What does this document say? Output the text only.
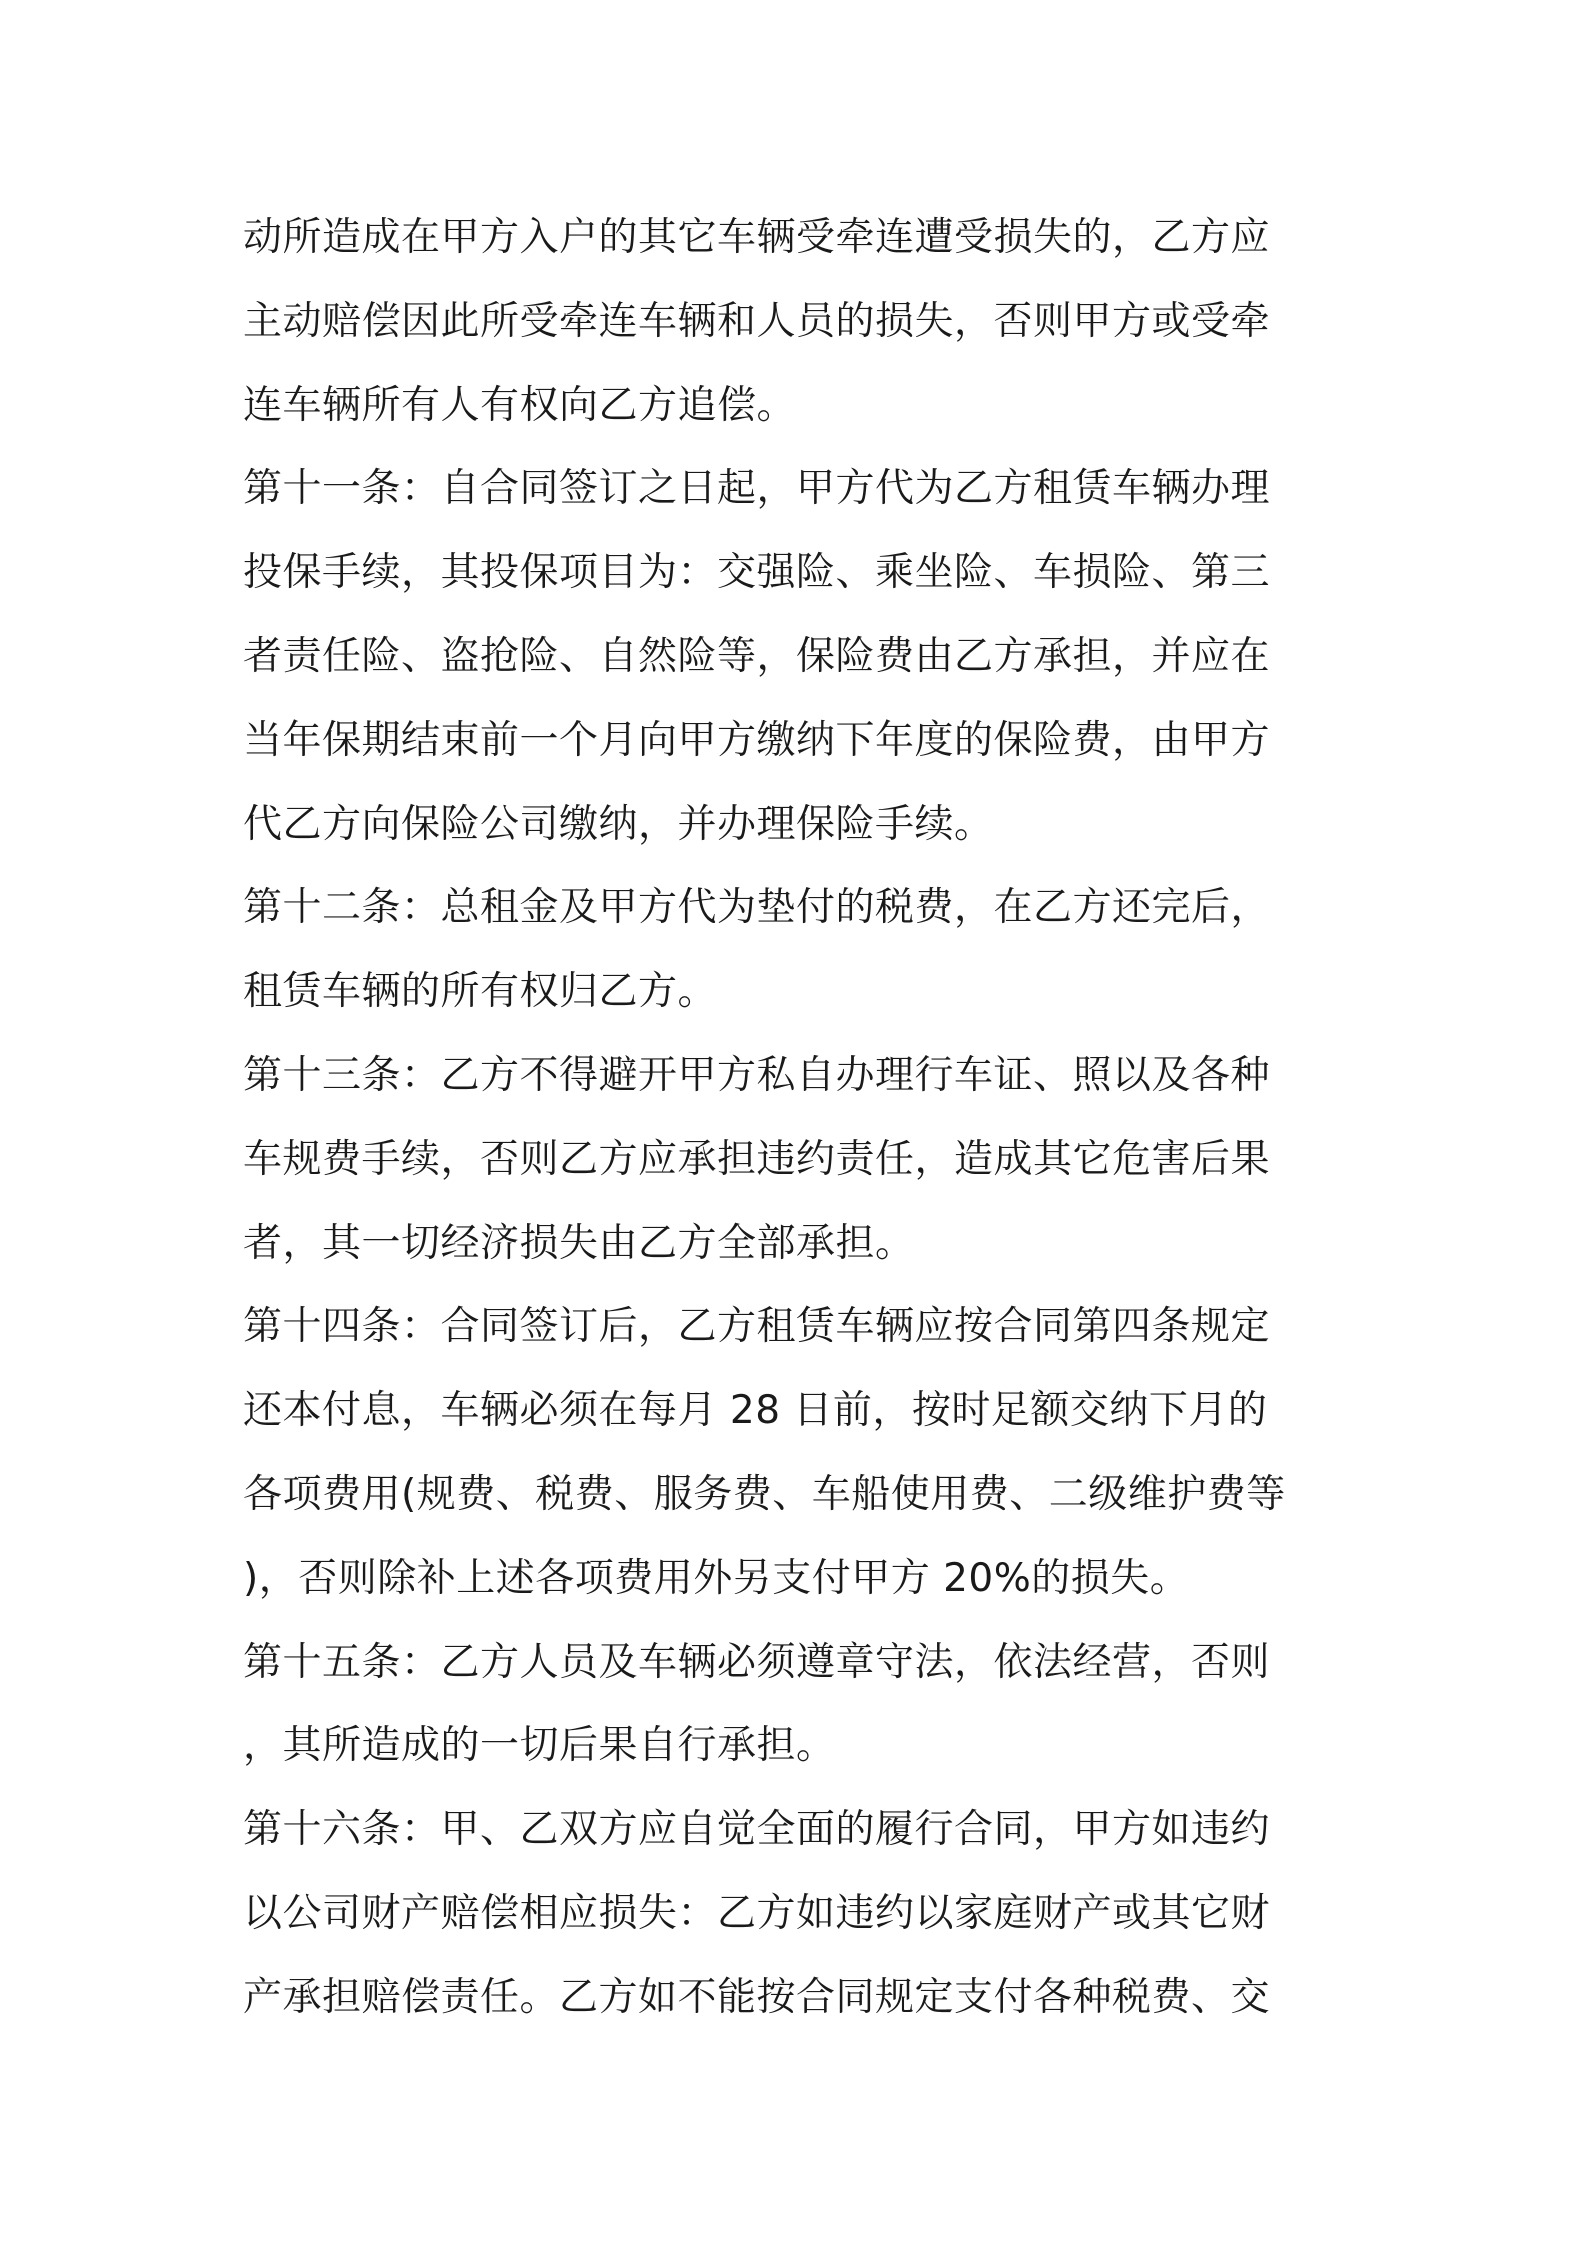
动所造成在甲方入户的其它车辆受牵连遭受损失的，乙方应
主动赔偿因此所受牵连车辆和人员的损失，否则甲方或受牵
连车辆所有人有权向乙方追偿。
第十一条：自合同签订之日起，甲方代为乙方租赁车辆办理
投保手续，其投保项目为：交强险、乘坐险、车损险、第三
者责任险、盗抢险、自然险等，保险费由乙方承担，并应在
当年保期结束前一个月向甲方缴纳下年度的保险费，由甲方
代乙方向保险公司缴纳，并办理保险手续。
第十二条：总租金及甲方代为垫付的税费，在乙方还完后，
租赁车辆的所有权归乙方。
第十三条：乙方不得避开甲方私自办理行车证、照以及各种
车规费手续，否则乙方应承担违约责任，造成其它危害后果
者，其一切经济损失由乙方全部承担。
第十四条：合同签订后，乙方租赁车辆应按合同第四条规定
还本付息，车辆必须在每月 28 日前，按时足额交纳下月的
各项费用(规费、税费、服务费、车船使用费、二级维护费等
)，否则除补上述各项费用外另支付甲方 20%的损失。
第十五条：乙方人员及车辆必须遵章守法，依法经营，否则
，其所造成的一切后果自行承担。
第十六条：甲、乙双方应自觉全面的履行合同，甲方如违约
以公司财产赔偿相应损失：乙方如违约以家庭财产或其它财
产承担赔偿责任。乙方如不能按合同规定支付各种税费、交
